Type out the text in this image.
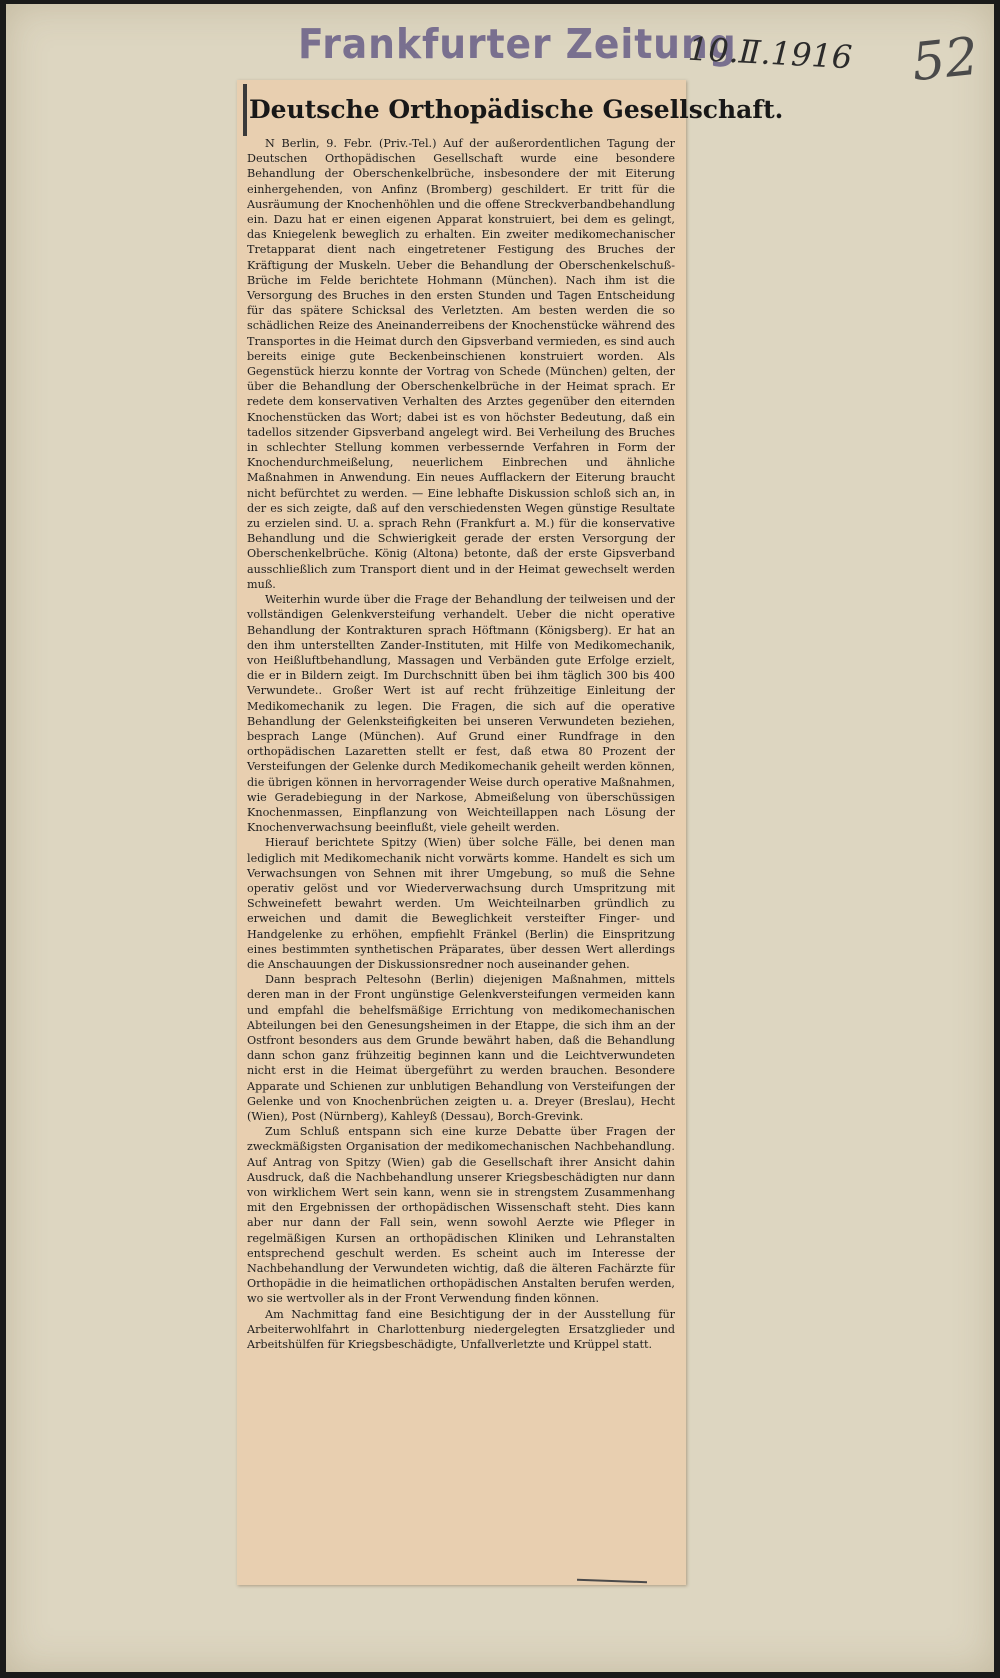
Frankfurter Zeitung
10.Ⅱ.1916 52
Deutsche Orthopädische Gesellschaft.

N Berlin, 9. Febr. (Priv.-Tel.) Auf der außerordentlichen Tagung der Deutschen Orthopädischen Gesellschaft wurde eine besondere Behandlung der Oberschenkelbrüche, insbesondere der mit Eiterung einhergehenden, von Anfinz (Bromberg) geschildert. Er tritt für die Ausräumung der Knochenhöhlen und die offene Streckverbandbehandlung ein. Dazu hat er einen eigenen Apparat konstruiert, bei dem es gelingt, das Kniegelenk beweglich zu erhalten. Ein zweiter medikomechanischer Tretapparat dient nach eingetretener Festigung des Bruches der Kräftigung der Muskeln. Ueber die Behandlung der Oberschenkelschuß-Brüche im Felde berichtete Hohmann (München). Nach ihm ist die Versorgung des Bruches in den ersten Stunden und Tagen Entscheidung für das spätere Schicksal des Verletzten. Am besten werden die so schädlichen Reize des Aneinanderreibens der Knochenstücke während des Transportes in die Heimat durch den Gipsverband vermieden, es sind auch bereits einige gute Beckenbeinschienen konstruiert worden. Als Gegenstück hierzu konnte der Vortrag von Schede (München) gelten, der über die Behandlung der Oberschenkelbrüche in der Heimat sprach. Er redete dem konservativen Verhalten des Arztes gegenüber den eiternden Knochenstücken das Wort; dabei ist es von höchster Bedeutung, daß ein tadellos sitzender Gipsverband angelegt wird. Bei Verheilung des Bruches in schlechter Stellung kommen verbessernde Verfahren in Form der Knochendurchmeißelung, neuerlichem Einbrechen und ähnliche Maßnahmen in Anwendung. Ein neues Aufflackern der Eiterung braucht nicht befürchtet zu werden. — Eine lebhafte Diskussion schloß sich an, in der es sich zeigte, daß auf den verschiedensten Wegen günstige Resultate zu erzielen sind. U. a. sprach Rehn (Frankfurt a. M.) für die konservative Behandlung und die Schwierigkeit gerade der ersten Versorgung der Oberschenkelbrüche. König (Altona) betonte, daß der erste Gipsverband ausschließlich zum Transport dient und in der Heimat gewechselt werden muß.

Weiterhin wurde über die Frage der Behandlung der teilweisen und der vollständigen Gelenkversteifung verhandelt. Ueber die nicht operative Behandlung der Kontrakturen sprach Höftmann (Königsberg). Er hat an den ihm unterstellten Zander-Instituten, mit Hilfe von Medikomechanik, von Heißluftbehandlung, Massagen und Verbänden gute Erfolge erzielt, die er in Bildern zeigt. Im Durchschnitt üben bei ihm täglich 300 bis 400 Verwundete.. Großer Wert ist auf recht frühzeitige Einleitung der Medikomechanik zu legen. Die Fragen, die sich auf die operative Behandlung der Gelenksteifigkeiten bei unseren Verwundeten beziehen, besprach Lange (München). Auf Grund einer Rundfrage in den orthopädischen Lazaretten stellt er fest, daß etwa 80 Prozent der Versteifungen der Gelenke durch Medikomechanik geheilt werden können, die übrigen können in hervorragender Weise durch operative Maßnahmen, wie Geradebiegung in der Narkose, Abmeißelung von überschüssigen Knochenmassen, Einpflanzung von Weichteillappen nach Lösung der Knochenverwachsung beeinflußt, viele geheilt werden.

Hierauf berichtete Spitzy (Wien) über solche Fälle, bei denen man lediglich mit Medikomechanik nicht vorwärts komme. Handelt es sich um Verwachsungen von Sehnen mit ihrer Umgebung, so muß die Sehne operativ gelöst und vor Wiederverwachsung durch Umspritzung mit Schweinefett bewahrt werden. Um Weichteilnarben gründlich zu erweichen und damit die Beweglichkeit versteifter Finger- und Handgelenke zu erhöhen, empfiehlt Fränkel (Berlin) die Einspritzung eines bestimmten synthetischen Präparates, über dessen Wert allerdings die Anschauungen der Diskussionsredner noch auseinander gehen.

Dann besprach Peltesohn (Berlin) diejenigen Maßnahmen, mittels deren man in der Front ungünstige Gelenkversteifungen vermeiden kann und empfahl die behelfsmäßige Errichtung von medikomechanischen Abteilungen bei den Genesungsheimen in der Etappe, die sich ihm an der Ostfront besonders aus dem Grunde bewährt haben, daß die Behandlung dann schon ganz frühzeitig beginnen kann und die Leichtverwundeten nicht erst in die Heimat übergeführt zu werden brauchen. Besondere Apparate und Schienen zur unblutigen Behandlung von Versteifungen der Gelenke und von Knochenbrüchen zeigten u. a. Dreyer (Breslau), Hecht (Wien), Post (Nürnberg), Kahleyß (Dessau), Borch-Grevink.

Zum Schluß entspann sich eine kurze Debatte über Fragen der zweckmäßigsten Organisation der medikomechanischen Nachbehandlung. Auf Antrag von Spitzy (Wien) gab die Gesellschaft ihrer Ansicht dahin Ausdruck, daß die Nachbehandlung unserer Kriegsbeschädigten nur dann von wirklichem Wert sein kann, wenn sie in strengstem Zusammenhang mit den Ergebnissen der orthopädischen Wissenschaft steht. Dies kann aber nur dann der Fall sein, wenn sowohl Aerzte wie Pfleger in regelmäßigen Kursen an orthopädischen Kliniken und Lehranstalten entsprechend geschult werden. Es scheint auch im Interesse der Nachbehandlung der Verwundeten wichtig, daß die älteren Fachärzte für Orthopädie in die heimatlichen orthopädischen Anstalten berufen werden, wo sie wertvoller als in der Front Verwendung finden können.

Am Nachmittag fand eine Besichtigung der in der Ausstellung für Arbeiterwohlfahrt in Charlottenburg niedergelegten Ersatzglieder und Arbeitshülfen für Kriegsbeschädigte, Unfallverletzte und Krüppel statt.
